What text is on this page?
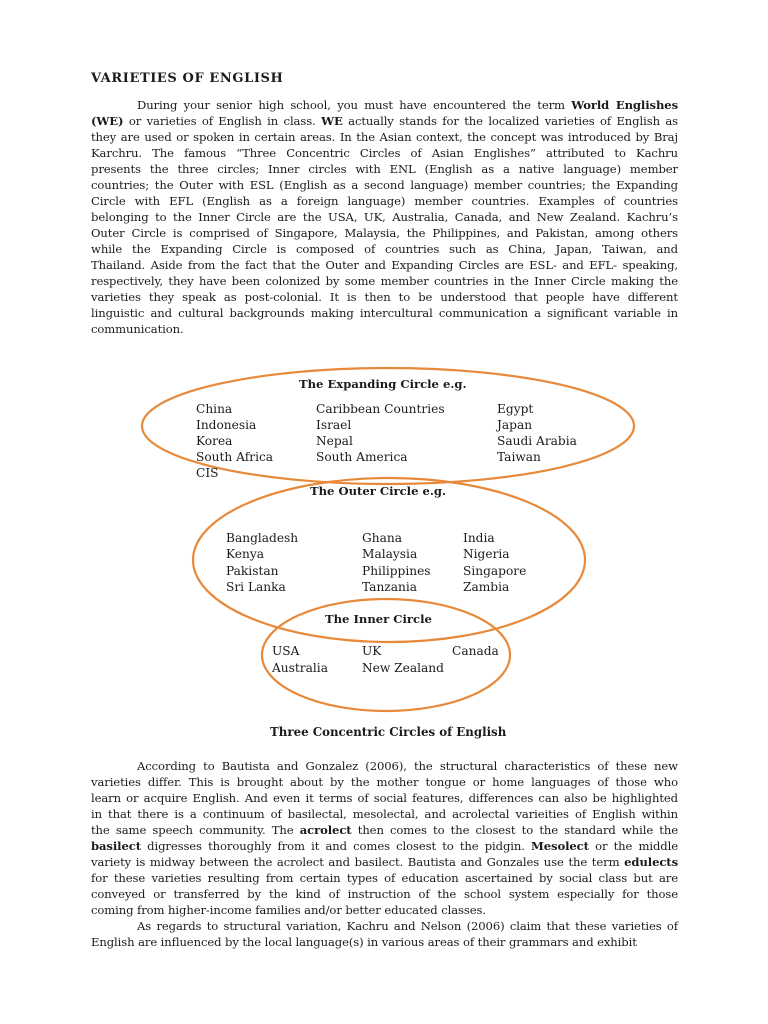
VARIETIES OF ENGLISH
During your senior high school, you must have encountered the term World Englishes
(WE) or varieties of English in class. WE actually stands for the localized varieties of English as
they are used or spoken in certain areas. In the Asian context, the concept was introduced by Braj
Karchru. The famous “Three Concentric Circles of Asian Englishes” attributed to Kachru
presents the three circles; Inner circles with ENL (English as a native language) member
countries; the Outer with ESL (English as a second language) member countries; the Expanding
Circle with EFL (English as a foreign language) member countries. Examples of countries
belonging to the Inner Circle are the USA, UK, Australia, Canada, and New Zealand. Kachru’s
Outer Circle is comprised of Singapore, Malaysia, the Philippines, and Pakistan, among others
while the Expanding Circle is composed of countries such as China, Japan, Taiwan, and
Thailand. Aside from the fact that the Outer and Expanding Circles are ESL- and EFL- speaking,
respectively, they have been colonized by some member countries in the Inner Circle making the
varieties they speak as post-colonial. It is then to be understood that people have different
linguistic and cultural backgrounds making intercultural communication a significant variable in
communication.
The Expanding Circle e.g.
China	Caribbean Countries	Egypt
Indonesia	Israel	Japan
Korea	Nepal	Saudi Arabia
South Africa	South America	Taiwan
CIS
The Outer Circle e.g.
Bangladesh	Ghana	India
Kenya	Malaysia	Nigeria
Pakistan	Philippines	Singapore
Sri Lanka	Tanzania	Zambia
The Inner Circle
USA	UK	Canada
Australia	New Zealand
Three Concentric Circles of English
According to Bautista and Gonzalez (2006), the structural characteristics of these new
varieties differ. This is brought about by the mother tongue or home languages of those who
learn or acquire English. And even it terms of social features, differences can also be highlighted
in that there is a continuum of basilectal, mesolectal, and acrolectal varieities of English within
the same speech community. The acrolect then comes to the closest to the standard while the
basilect digresses thoroughly from it and comes closest to the pidgin. Mesolect or the middle
variety is midway between the acrolect and basilect. Bautista and Gonzales use the term edulects
for these varieties resulting from certain types of education ascertained by social class but are
conveyed or transferred by the kind of instruction of the school system especially for those
coming from higher-income families and/or better educated classes.
As regards to structural variation, Kachru and Nelson (2006) claim that these varieties of
English are influenced by the local language(s) in various areas of their grammars and exhibit
